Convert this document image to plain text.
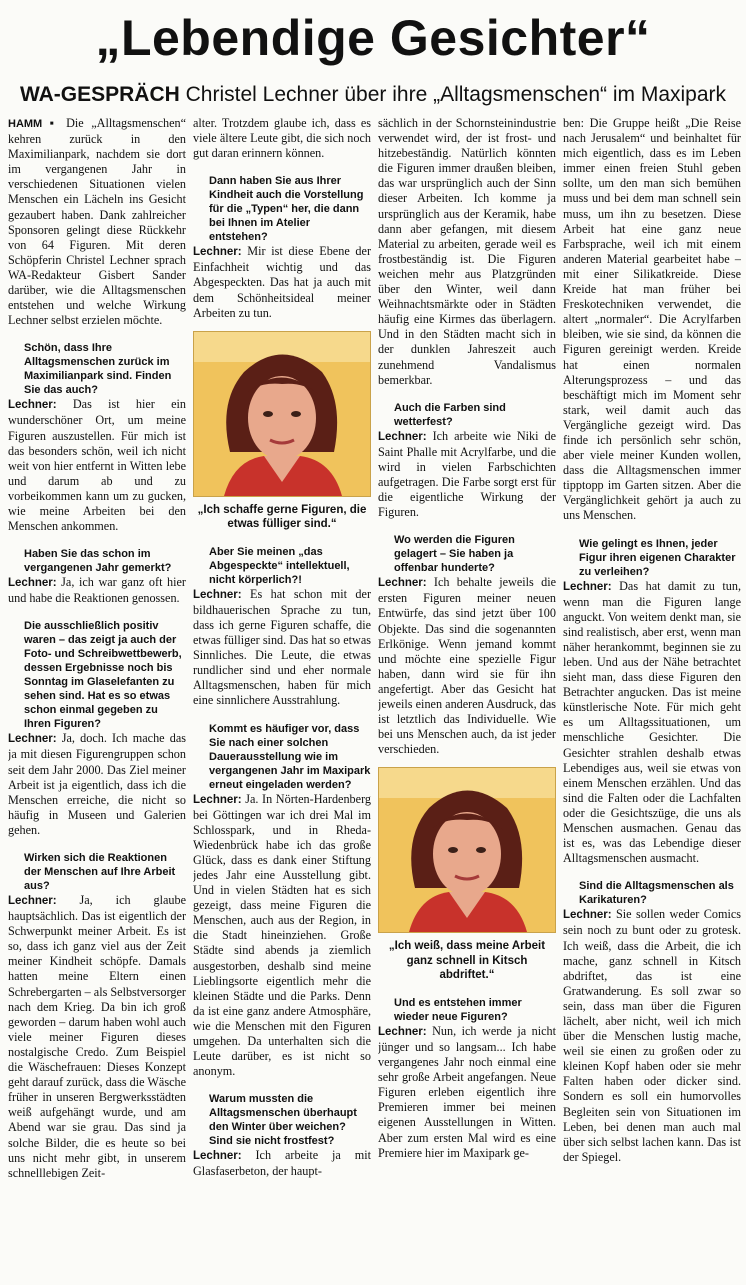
„Lebendige Gesichter“
WA-GESPRÄCH Christel Lechner über ihre „Alltagsmenschen“ im Maxipark

HAMM ▪ Die „Alltagsmenschen“ kehren zurück in den Maximilianpark, nachdem sie dort im vergangenen Jahr in verschiedenen Situationen vielen Menschen ein Lächeln ins Gesicht gezaubert haben. Dank zahlreicher Sponsoren gelingt diese Rückkehr von 64 Figuren. Mit deren Schöpferin Christel Lechner sprach WA-Redakteur Gisbert Sander darüber, wie die Alltagsmenschen entstehen und welche Wirkung Lechner selbst erzielen möchte.

Schön, dass Ihre Alltagsmenschen zurück im Maximilianpark sind. Finden Sie das auch?

Lechner: Das ist hier ein wunderschöner Ort, um meine Figuren auszustellen. Für mich ist das besonders schön, weil ich nicht weit von hier entfernt in Witten lebe und darum ab und zu vorbeikommen kann um zu gucken, wie meine Arbeiten bei den Menschen ankommen.

Haben Sie das schon im vergangenen Jahr gemerkt?

Lechner: Ja, ich war ganz oft hier und habe die Reaktionen genossen.

Die ausschließlich positiv waren – das zeigt ja auch der Foto- und Schreibwettbewerb, dessen Ergebnisse noch bis Sonntag im Glaselefanten zu sehen sind. Hat es so etwas schon einmal gegeben zu Ihren Figuren?

Lechner: Ja, doch. Ich mache das ja mit diesen Figurengruppen schon seit dem Jahr 2000. Das Ziel meiner Arbeit ist ja eigentlich, dass ich die Menschen erreiche, die nicht so häufig in Museen und Galerien gehen.

Wirken sich die Reaktionen der Menschen auf Ihre Arbeit aus?

Lechner: Ja, ich glaube hauptsächlich. Das ist eigentlich der Schwerpunkt meiner Arbeit. Es ist so, dass ich ganz viel aus der Zeit meiner Kindheit schöpfe. Damals hatten meine Eltern einen Schrebergarten – als Selbstversorger nach dem Krieg. Da bin ich groß geworden – darum haben wohl auch viele meiner Figuren dieses nostalgische Credo. Zum Beispiel die Wäschefrauen: Dieses Konzept geht darauf zurück, dass die Wäsche früher in unseren Bergwerksstädten weiß aufgehängt wurde, und am Abend war sie grau. Das sind ja solche Bilder, die es heute so bei uns nicht mehr gibt, in unserem schnelllebigen Zeit-

alter. Trotzdem glaube ich, dass es viele ältere Leute gibt, die sich noch gut daran erinnern können.

Dann haben Sie aus Ihrer Kindheit auch die Vorstellung für die „Typen“ her, die dann bei Ihnen im Atelier entstehen?

Lechner: Mir ist diese Ebene der Einfachheit wichtig und das Abgespeckten. Das hat ja auch mit dem Schönheitsideal meiner Arbeiten zu tun.

„Ich schaffe gerne Figuren, die etwas fülliger sind.“

Aber Sie meinen „das Abgespeckte“ intellektuell, nicht körperlich?!

Lechner: Es hat schon mit der bildhauerischen Sprache zu tun, dass ich gerne Figuren schaffe, die etwas fülliger sind. Das hat so etwas Sinnliches. Die Leute, die etwas rundlicher sind und eher normale Alltagsmenschen, haben für mich eine sinnlichere Ausstrahlung.

Kommt es häufiger vor, dass Sie nach einer solchen Dauerausstellung wie im vergangenen Jahr im Maxipark erneut eingeladen werden?

Lechner: Ja. In Nörten-Hardenberg bei Göttingen war ich drei Mal im Schlosspark, und in Rheda-Wiedenbrück habe ich das große Glück, dass es dank einer Stiftung jedes Jahr eine Ausstellung gibt. Und in vielen Städten hat es sich gezeigt, dass meine Figuren die Menschen, auch aus der Region, in die Stadt hineinziehen. Große Städte sind abends ja ziemlich ausgestorben, deshalb sind meine Lieblingsorte eigentlich mehr die kleinen Städte und die Parks. Denn da ist eine ganz andere Atmosphäre, wie die Menschen mit den Figuren umgehen. Da unterhalten sich die Leute darüber, es ist nicht so anonym.

Warum mussten die Alltagsmenschen überhaupt den Winter über weichen? Sind sie nicht frostfest?

Lechner: Ich arbeite ja mit Glasfaserbeton, der haupt-

sächlich in der Schornsteinindustrie verwendet wird, der ist frost- und hitzebeständig. Natürlich könnten die Figuren immer draußen bleiben, das war ursprünglich auch der Sinn dieser Arbeiten. Ich komme ja ursprünglich aus der Keramik, habe dann aber gefangen, mit diesem Material zu arbeiten, gerade weil es frostbeständig ist. Die Figuren weichen mehr aus Platzgründen über den Winter, weil dann Weihnachtsmärkte oder in Städten häufig eine Kirmes das überlagern. Und in den Städten macht sich in der dunklen Jahreszeit auch zunehmend Vandalismus bemerkbar.

Auch die Farben sind wetterfest?

Lechner: Ich arbeite wie Niki de Saint Phalle mit Acrylfarbe, und die wird in vielen Farbschichten aufgetragen. Die Farbe sorgt erst für die eigentliche Wirkung der Figuren.

Wo werden die Figuren gelagert – Sie haben ja offenbar hunderte?

Lechner: Ich behalte jeweils die ersten Figuren meiner neuen Entwürfe, das sind jetzt über 100 Objekte. Das sind die sogenannten Erlkönige. Wenn jemand kommt und möchte eine spezielle Figur haben, dann wird sie für ihn angefertigt. Aber das Gesicht hat jeweils einen anderen Ausdruck, das ist letztlich das Individuelle. Wie bei uns Menschen auch, da ist jeder verschieden.

„Ich weiß, dass meine Arbeit ganz schnell in Kitsch abdriftet.“

Und es entstehen immer wieder neue Figuren?

Lechner: Nun, ich werde ja nicht jünger und so langsam... Ich habe vergangenes Jahr noch einmal eine sehr große Arbeit angefangen. Neue Figuren erleben eigentlich ihre Premieren immer bei meinen eigenen Ausstellungen in Witten. Aber zum ersten Mal wird es eine Premiere hier im Maxipark ge-

ben: Die Gruppe heißt „Die Reise nach Jerusalem“ und beinhaltet für mich eigentlich, dass es im Leben immer einen freien Stuhl geben sollte, um den man sich bemühen muss und bei dem man schnell sein muss, um ihn zu besetzen. Diese Arbeit hat eine ganz neue Farbsprache, weil ich mit einem anderen Material gearbeitet habe – mit einer Silikatkreide. Diese Kreide hat man früher bei Freskotechniken verwendet, die altert „normaler“. Die Acrylfarben bleiben, wie sie sind, da können die Figuren gereinigt werden. Kreide hat einen normalen Alterungsprozess – und das beschäftigt mich im Moment sehr stark, weil damit auch das Vergängliche gezeigt wird. Das finde ich persönlich sehr schön, aber viele meiner Kunden wollen, dass die Alltagsmenschen immer tipptopp im Garten sitzen. Aber die Vergänglichkeit gehört ja auch zu uns Menschen.

Wie gelingt es Ihnen, jeder Figur ihren eigenen Charakter zu verleihen?

Lechner: Das hat damit zu tun, wenn man die Figuren lange anguckt. Von weitem denkt man, sie sind realistisch, aber erst, wenn man näher herankommt, beginnen sie zu leben. Und aus der Nähe betrachtet sieht man, dass diese Figuren den Betrachter angucken. Das ist meine künstlerische Note. Für mich geht es um Alltagssituationen, um menschliche Gesichter. Die Gesichter strahlen deshalb etwas Lebendiges aus, weil sie etwas von einem Menschen erzählen. Und das sind die Falten oder die Lachfalten oder die Gesichtszüge, die uns als Menschen ausmachen. Genau das ist es, was das Lebendige dieser Alltagsmenschen ausmacht.

Sind die Alltagsmenschen als Karikaturen?

Lechner: Sie sollen weder Comics sein noch zu bunt oder zu grotesk. Ich weiß, dass die Arbeit, die ich mache, ganz schnell in Kitsch abdriftet, das ist eine Gratwanderung. Es soll zwar so sein, dass man über die Figuren lächelt, aber nicht, weil ich mich über die Menschen lustig mache, weil sie einen zu großen oder zu kleinen Kopf haben oder sie mehr Falten haben oder dicker sind. Sondern es soll ein humorvolles Begleiten sein von Situationen im Leben, bei denen man auch mal über sich selbst lachen kann. Das ist der Spiegel.
